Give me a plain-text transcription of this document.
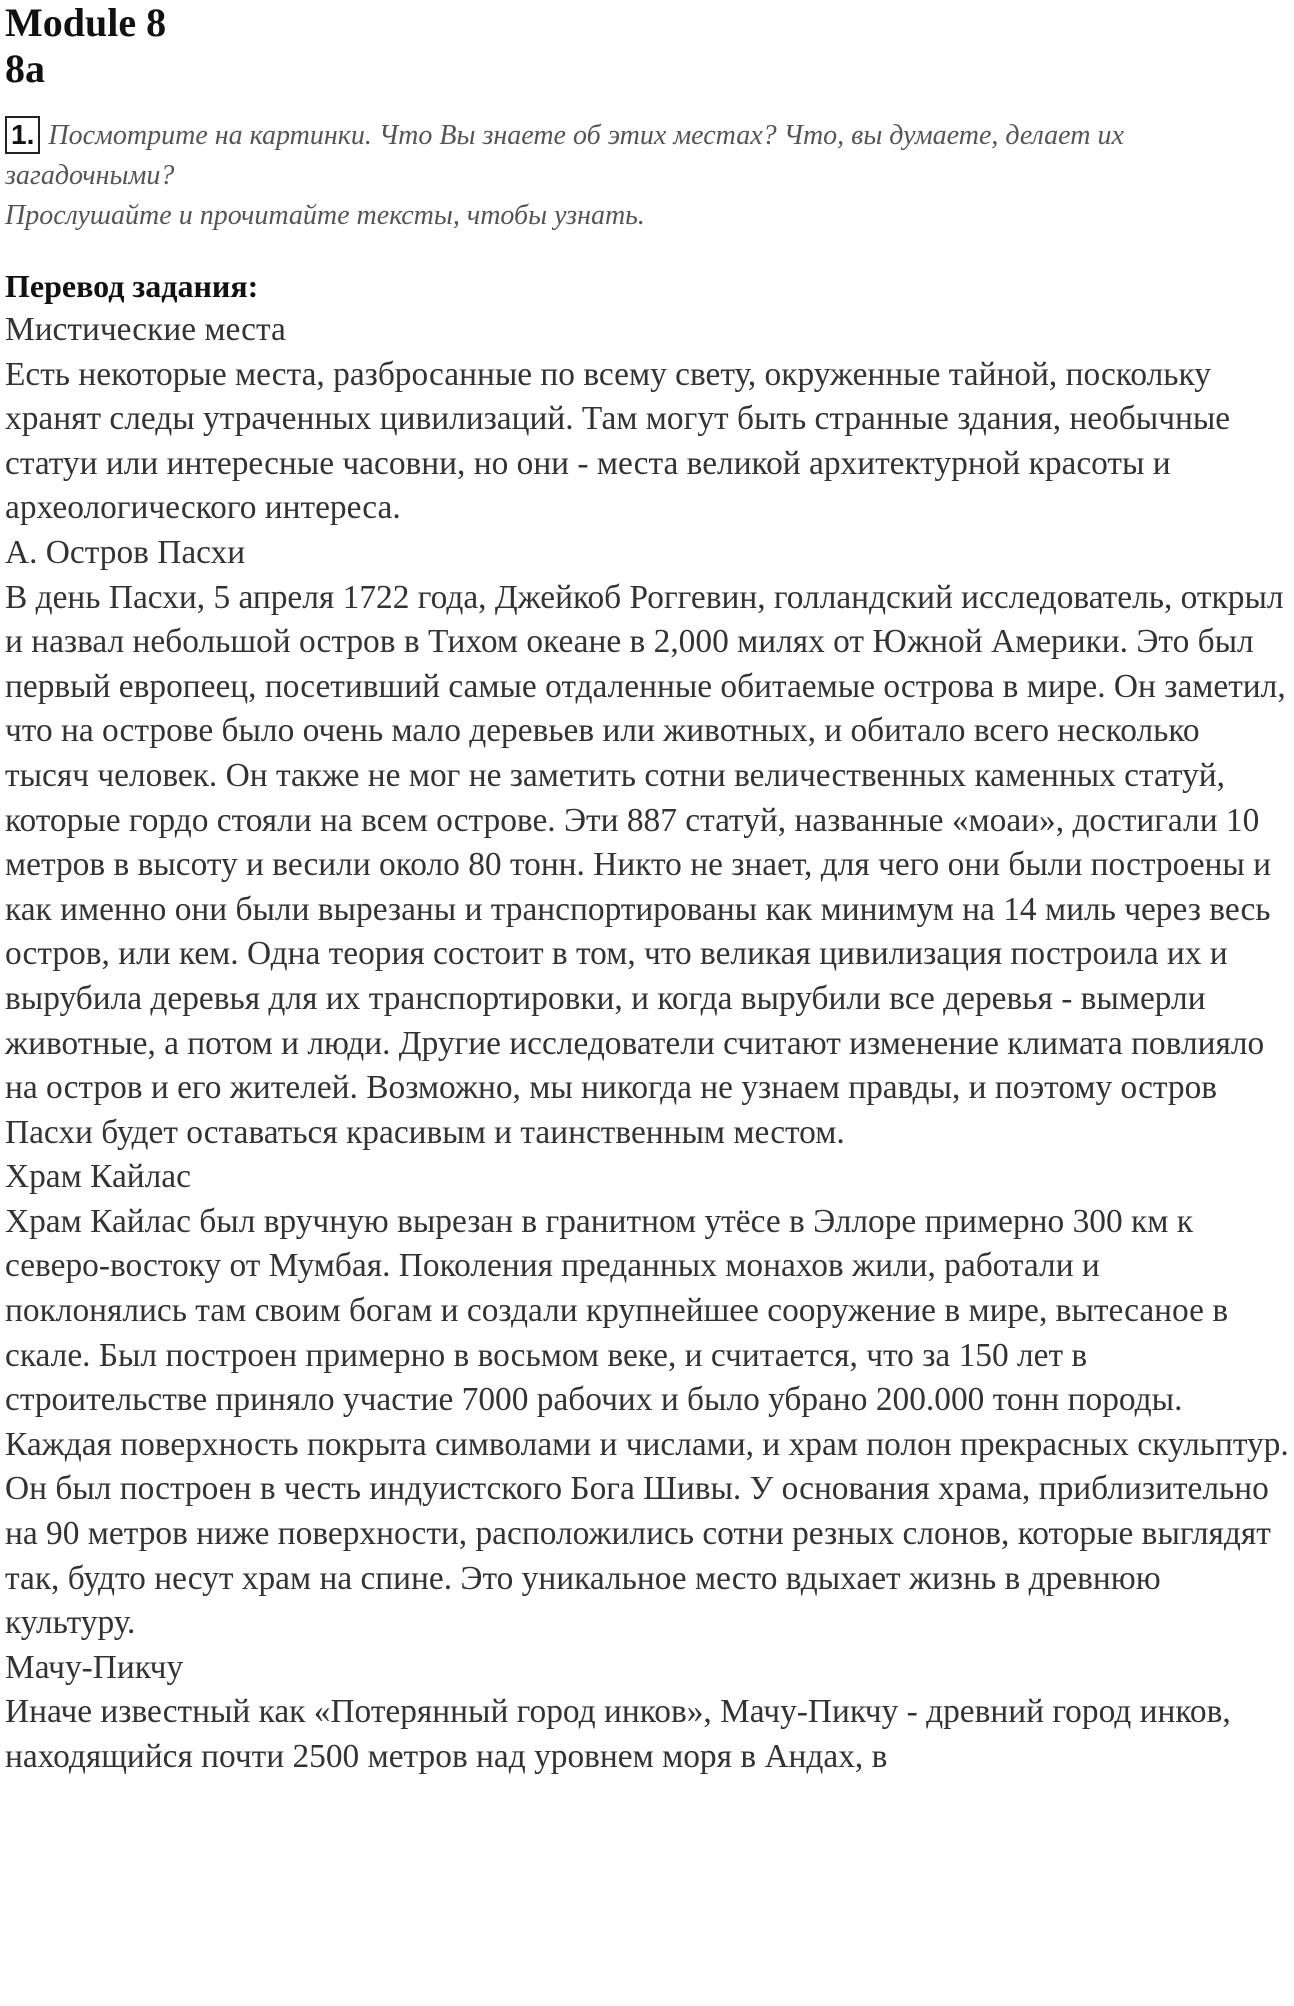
Module 8
8a
1. Посмотрите на картинки. Что Вы знаете об этих местах? Что, вы думаете, делает их загадочными?
Прослушайте и прочитайте тексты, чтобы узнать.
Перевод задания:

Мистические места

Есть некоторые места, разбросанные по всему свету, окруженные тайной, поскольку хранят следы утраченных цивилизаций. Там могут быть странные здания, необычные статуи или интересные часовни, но они - места великой архитектурной красоты и археологического интереса.

А. Остров Пасхи

В день Пасхи, 5 апреля 1722 года, Джейкоб Роггевин, голландский исследователь, открыл и назвал небольшой остров в Тихом океане в 2,000 милях от Южной Америки. Это был первый европеец, посетивший самые отдаленные обитаемые острова в мире. Он заметил, что на острове было очень мало деревьев или животных, и обитало всего несколько тысяч человек. Он также не мог не заметить сотни величественных каменных статуй, которые гордо стояли на всем острове. Эти 887 статуй, названные «моаи», достигали 10 метров в высоту и весили около 80 тонн. Никто не знает, для чего они были построены и как именно они были вырезаны и транспортированы как минимум на 14 миль через весь остров, или кем. Одна теория состоит в том, что великая цивилизация построила их и вырубила деревья для их транспортировки, и когда вырубили все деревья - вымерли животные, а потом и люди. Другие исследователи считают изменение климата повлияло на остров и его жителей. Возможно, мы никогда не узнаем правды, и поэтому остров Пасхи будет оставаться красивым и таинственным местом.

Храм Кайлас

Храм Кайлас был вручную вырезан в гранитном утёсе в Эллоре примерно 300 км к северо-востоку от Мумбая. Поколения преданных монахов жили, работали и поклонялись там своим богам и создали крупнейшее сооружение в мире, вытесаное в скале. Был построен примерно в восьмом веке, и считается, что за 150 лет в строительстве приняло участие 7000 рабочих и было убрано 200.000 тонн породы. Каждая поверхность покрыта символами и числами, и храм полон прекрасных скульптур. Он был построен в честь индуистского Бога Шивы. У основания храма, приблизительно на 90 метров ниже поверхности, расположились сотни резных слонов, которые выглядят так, будто несут храм на спине. Это уникальное место вдыхает жизнь в древнюю культуру.

Мачу-Пикчу

Иначе известный как «Потерянный город инков», Мачу-Пикчу - древний город инков, находящийся почти 2500 метров над уровнем моря в Андах, в
